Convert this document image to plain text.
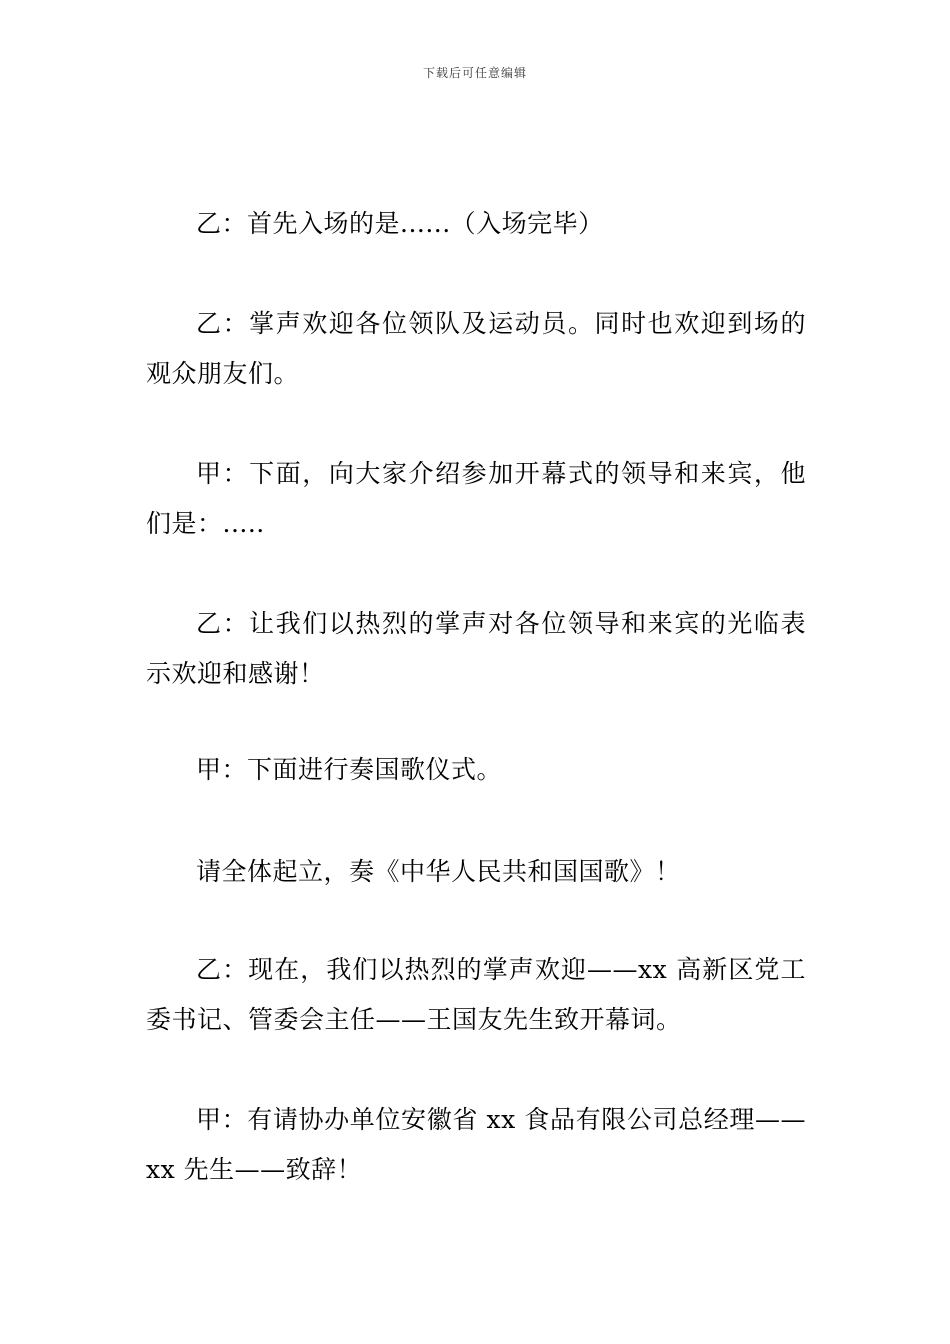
下载后可任意编辑

乙：首先入场的是......（入场完毕）

乙：掌声欢迎各位领队及运动员。同时也欢迎到场的观众朋友们。

甲：下面，向大家介绍参加开幕式的领导和来宾，他们是：.....

乙：让我们以热烈的掌声对各位领导和来宾的光临表示欢迎和感谢！

甲：下面进行奏国歌仪式。

请全体起立，奏《中华人民共和国国歌》！

乙：现在，我们以热烈的掌声欢迎——xx 高新区党工委书记、管委会主任——王国友先生致开幕词。

甲：有请协办单位安徽省 xx 食品有限公司总经理——xx 先生——致辞！
